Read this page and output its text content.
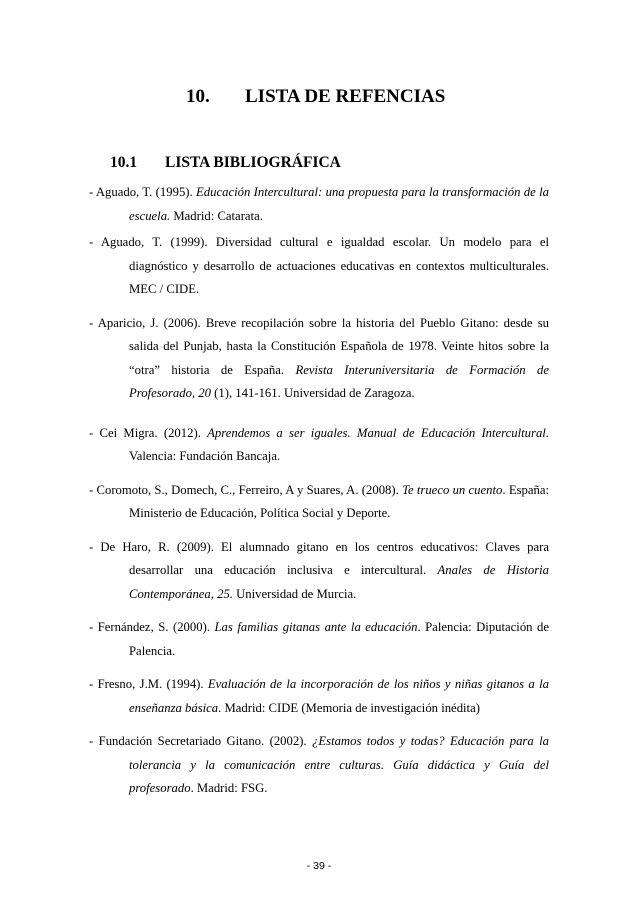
10. LISTA DE REFENCIAS
10.1 LISTA BIBLIOGRÁFICA

- Aguado, T. (1995). Educación Intercultural: una propuesta para la transformación de la escuela. Madrid: Catarata.

- Aguado, T. (1999). Diversidad cultural e igualdad escolar. Un modelo para el diagnóstico y desarrollo de actuaciones educativas en contextos multiculturales. MEC / CIDE.

- Aparicio, J. (2006). Breve recopilación sobre la historia del Pueblo Gitano: desde su salida del Punjab, hasta la Constitución Española de 1978. Veinte hitos sobre la “otra” historia de España. Revista Interuniversitaria de Formación de Profesorado, 20 (1), 141-161. Universidad de Zaragoza.

- Cei Migra. (2012). Aprendemos a ser iguales. Manual de Educación Intercultural. Valencia: Fundación Bancaja.

- Coromoto, S., Domech, C., Ferreiro, A y Suares, A. (2008). Te trueco un cuento. España: Ministerio de Educación, Política Social y Deporte.

- De Haro, R. (2009). El alumnado gitano en los centros educativos: Claves para desarrollar una educación inclusiva e intercultural. Anales de Historia Contemporánea, 25. Universidad de Murcia.

- Fernández, S. (2000). Las familias gitanas ante la educación. Palencia: Diputación de Palencia.

- Fresno, J.M. (1994). Evaluación de la incorporación de los niños y niñas gitanos a la enseñanza básica. Madrid: CIDE (Memoria de investigación inédita)

- Fundación Secretariado Gitano. (2002). ¿Estamos todos y todas? Educación para la tolerancia y la comunicación entre culturas. Guía didáctica y Guía del profesorado. Madrid: FSG.

- 39 -
